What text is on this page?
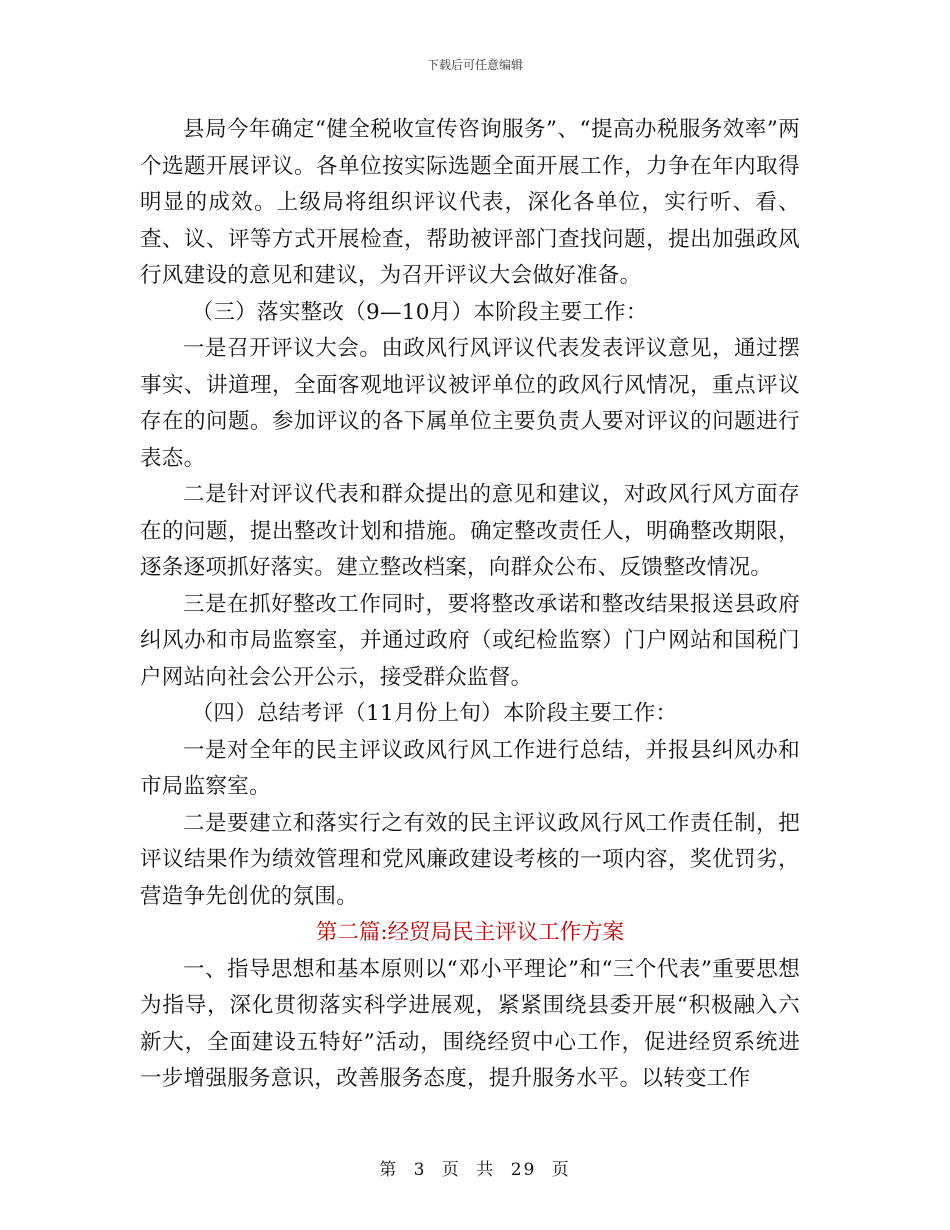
下载后可任意编辑

县局今年确定“健全税收宣传咨询服务”、“提高办税服务效率”两个选题开展评议。各单位按实际选题全面开展工作，力争在年内取得明显的成效。上级局将组织评议代表，深化各单位，实行听、看、查、议、评等方式开展检查，帮助被评部门查找问题，提出加强政风行风建设的意见和建议，为召开评议大会做好准备。

（三）落实整改（9—10月）本阶段主要工作：

一是召开评议大会。由政风行风评议代表发表评议意见，通过摆事实、讲道理，全面客观地评议被评单位的政风行风情况，重点评议存在的问题。参加评议的各下属单位主要负责人要对评议的问题进行表态。

二是针对评议代表和群众提出的意见和建议，对政风行风方面存在的问题，提出整改计划和措施。确定整改责任人，明确整改期限，逐条逐项抓好落实。建立整改档案，向群众公布、反馈整改情况。

三是在抓好整改工作同时，要将整改承诺和整改结果报送县政府纠风办和市局监察室，并通过政府（或纪检监察）门户网站和国税门户网站向社会公开公示，接受群众监督。

（四）总结考评（11月份上旬）本阶段主要工作：

一是对全年的民主评议政风行风工作进行总结，并报县纠风办和市局监察室。

二是要建立和落实行之有效的民主评议政风行风工作责任制，把评议结果作为绩效管理和党风廉政建设考核的一项内容，奖优罚劣，营造争先创优的氛围。

第二篇:经贸局民主评议工作方案

一、指导思想和基本原则以“邓小平理论”和“三个代表”重要思想为指导，深化贯彻落实科学进展观，紧紧围绕县委开展“积极融入六新大，全面建设五特好”活动，围绕经贸中心工作，促进经贸系统进一步增强服务意识，改善服务态度，提升服务水平。以转变工作

第 3 页 共 29 页
